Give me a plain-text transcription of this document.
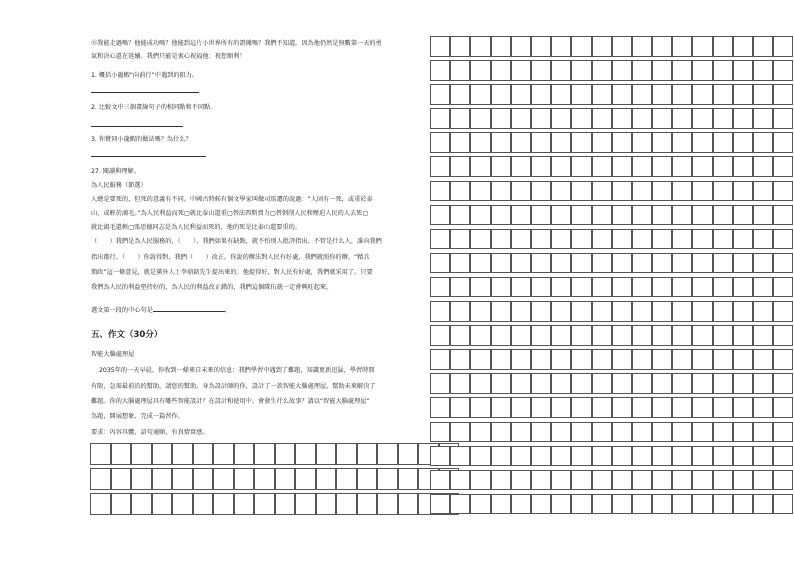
⑪我能走過嗎？他能成功嗎？他能到這片小世界所有的證據嗎？我們不知道。因為他仍然是無數第一天的勇
氣和決心還在延續。我們只能是衷心祝福他：祝您順利！
1. 概括小龍蝦“向前行”中遇到的阻力。
2. 比較文中三個畫線句子的相同點和不同點。
3. 你贊同小龍蝦的做法嗎？為什么？
27. 閱讀與理解。
為人民服務（節選）
人總是要死的，但死的意義有不同。中國古時候有個文學家叫做司馬遷的說過：“人固有一死，或重於泰
山，或輕於鴻毛。”為人民利益而死▢就比泰山還重▢替法西斯賣力▢替剝削人民和壓迫人民的人去死▢
就比鴻毛還輕▢張思德同志是為人民利益而死的，他的死是比泰山還要重的。
（　　）我們是為人民服務的，（　　），我們如果有缺點，就不怕別人批評指出。不管是什么人，誰向我們
指出都行。（　　）你說得對，我們（　　）改正。你說的辦法對人民有好處，我們就照你的辦。“精兵
簡政”這一條意見，就是黨外人士李鼎銘先生提出來的；他提得好，對人民有好處，我們就采用了。只要
我們為人民的利益堅持好的，為人民的利益改正錯的，我們這個隊伍就一定會興旺起來。
選文第一段的中心句是	。
五、作文（30分）
智能大腦處理屋
2035年的一天早晨，你收到一條來自未來的信息：我們學習中遇到了難題，知識更新迅猛，學習時間
有限，急需最前沿的幫助，請您的幫助。身為設計師的你，設計了一款智能大腦處理屋，幫助未來解決了
難題。你的大腦處理屋具有哪些智能設計？在設計和使用中，會發生什么故事？請以“智能大腦處理屋”
為題，開展想象，完成一篇習作。
要求：內容具體，語句通順，有真情實感。
